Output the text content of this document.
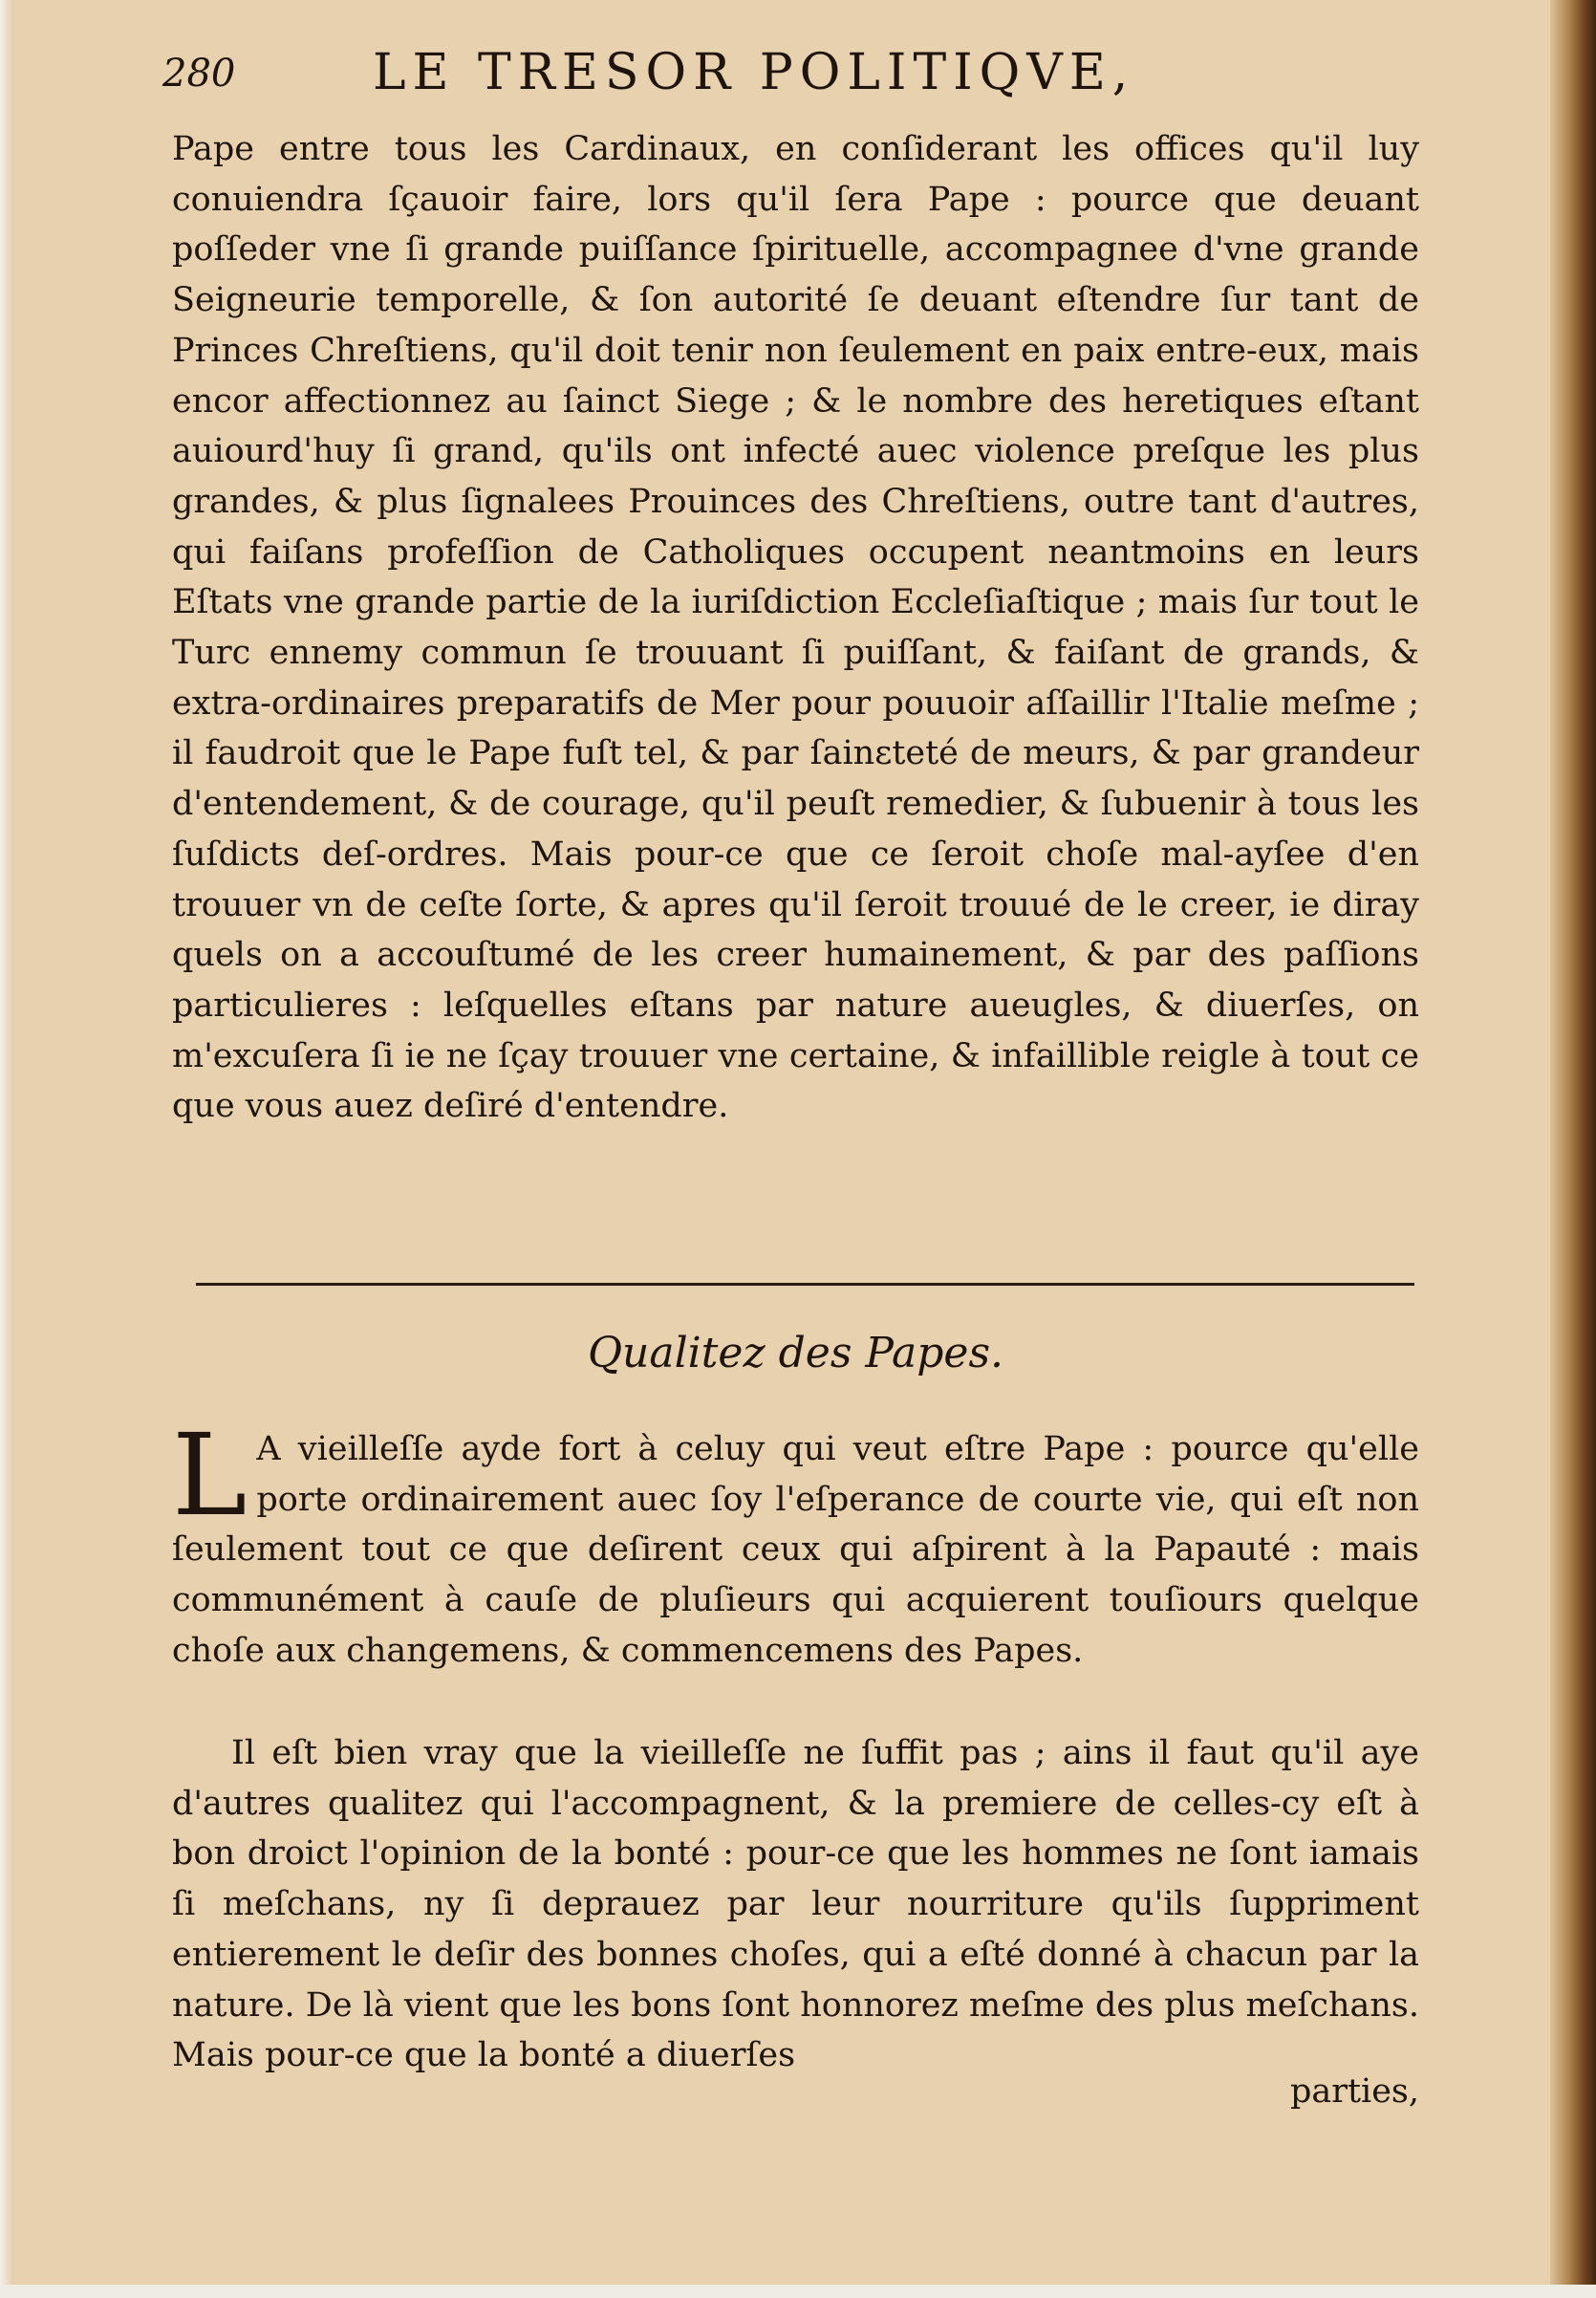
280	LE TRESOR POLITIQVE,
Pape entre tous les Cardinaux, en conſiderant les offices qu'il luy conuiendra ſçauoir faire, lors qu'il ſera Pape : pource que deuant poſſeder vne ſi grande puiſſance ſpirituelle, accompagnee d'vne grande Seigneurie temporelle, & ſon autorité ſe deuant eſtendre ſur tant de Princes Chreſtiens, qu'il doit tenir non ſeulement en paix entre-eux, mais encor affectionnez au ſainct Siege ; & le nombre des heretiques eſtant auiourd'huy ſi grand, qu'ils ont infecté auec violence preſque les plus grandes, & plus ſignalees Prouinces des Chreſtiens, outre tant d'autres, qui faiſans profeſſion de Catholiques occupent neantmoins en leurs Eſtats vne grande partie de la iuriſdiction Eccleſiaſtique ; mais ſur tout le Turc ennemy commun ſe trouuant ſi puiſſant, & faiſant de grands, & extra-ordinaires preparatifs de Mer pour pouuoir aſſaillir l'Italie meſme ; il faudroit que le Pape fuſt tel, & par ſainɛteté de meurs, & par grandeur d'entendement, & de courage, qu'il peuſt remedier, & ſubuenir à tous les ſuſdicts deſ-ordres. Mais pour-ce que ce ſeroit choſe mal-ayſee d'en trouuer vn de ceſte ſorte, & apres qu'il ſeroit trouué de le creer, ie diray quels on a accouſtumé de les creer humainement, & par des paſſions particulieres : leſquelles eſtans par nature aueugles, & diuerſes, on m'excuſera ſi ie ne ſçay trouuer vne certaine, & infaillible reigle à tout ce que vous auez deſiré d'entendre.
Qualitez des Papes.
L A vieilleſſe ayde fort à celuy qui veut eſtre Pape : pource qu'elle porte ordinairement auec ſoy l'eſperance de courte vie, qui eſt non ſeulement tout ce que deſirent ceux qui aſpirent à la Papauté : mais communément à cauſe de pluſieurs qui acquierent touſiours quelque choſe aux changemens, & commencemens des Papes.
Il eſt bien vray que la vieilleſſe ne ſuffit pas ; ains il faut qu'il aye d'autres qualitez qui l'accompagnent, & la premiere de celles-cy eſt à bon droict l'opinion de la bonté : pour-ce que les hommes ne ſont iamais ſi meſchans, ny ſi deprauez par leur nourriture qu'ils ſuppriment entierement le deſir des bonnes choſes, qui a eſté donné à chacun par la nature. De là vient que les bons ſont honnorez meſme des plus meſchans. Mais pour-ce que la bonté a diuerſes
parties,
